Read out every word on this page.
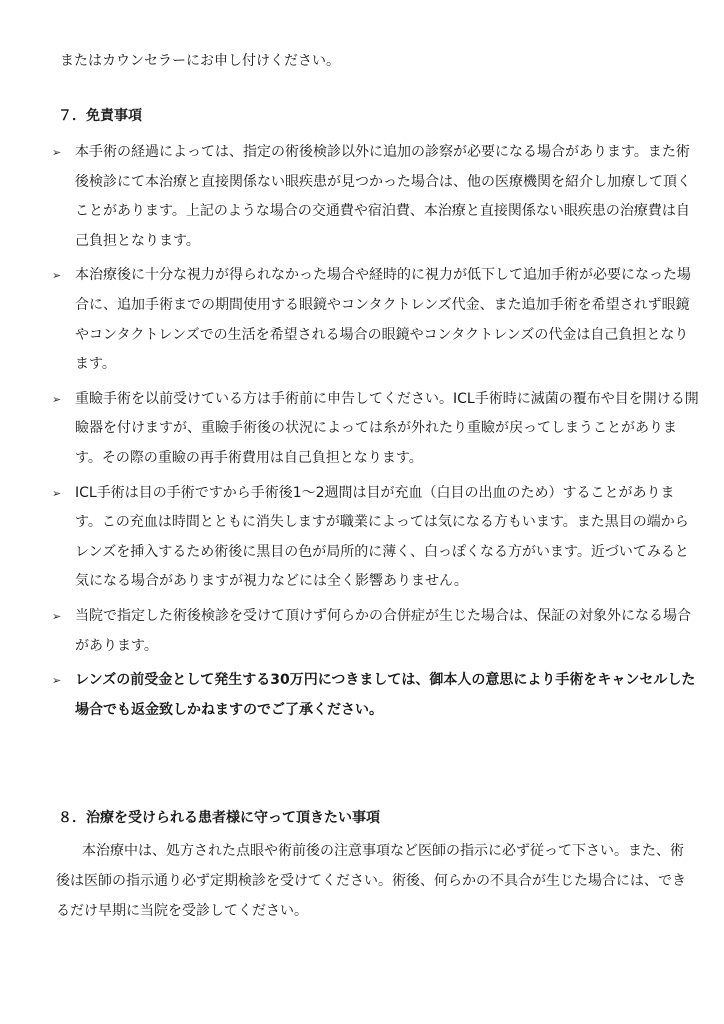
またはカウンセラーにお申し付けください。
７．免責事項
➢ 本手術の経過によっては、指定の術後検診以外に追加の診察が必要になる場合があります。また術後検診にて本治療と直接関係ない眼疾患が見つかった場合は、他の医療機関を紹介し加療して頂くことがあります。上記のような場合の交通費や宿泊費、本治療と直接関係ない眼疾患の治療費は自己負担となります。
➢ 本治療後に十分な視力が得られなかった場合や経時的に視力が低下して追加手術が必要になった場合に、追加手術までの期間使用する眼鏡やコンタクトレンズ代金、また追加手術を希望されず眼鏡やコンタクトレンズでの生活を希望される場合の眼鏡やコンタクトレンズの代金は自己負担となります。
➢ 重瞼手術を以前受けている方は手術前に申告してください。ICL手術時に滅菌の覆布や目を開ける開瞼器を付けますが、重瞼手術後の状況によっては糸が外れたり重瞼が戻ってしまうことがあります。その際の重瞼の再手術費用は自己負担となります。
➢ ICL手術は目の手術ですから手術後1～2週間は目が充血（白目の出血のため）することがあります。この充血は時間とともに消失しますが職業によっては気になる方もいます。また黒目の端からレンズを挿入するため術後に黒目の色が局所的に薄く、白っぽくなる方がいます。近づいてみると気になる場合がありますが視力などには全く影響ありません。
➢ 当院で指定した術後検診を受けて頂けず何らかの合併症が生じた場合は、保証の対象外になる場合があります。
➢ レンズの前受金として発生する30万円につきましては、御本人の意思により手術をキャンセルした場合でも返金致しかねますのでご了承ください。
８．治療を受けられる患者様に守って頂きたい事項

本治療中は、処方された点眼や術前後の注意事項など医師の指示に必ず従って下さい。また、術後は医師の指示通り必ず定期検診を受けてください。術後、何らかの不具合が生じた場合には、できるだけ早期に当院を受診してください。
